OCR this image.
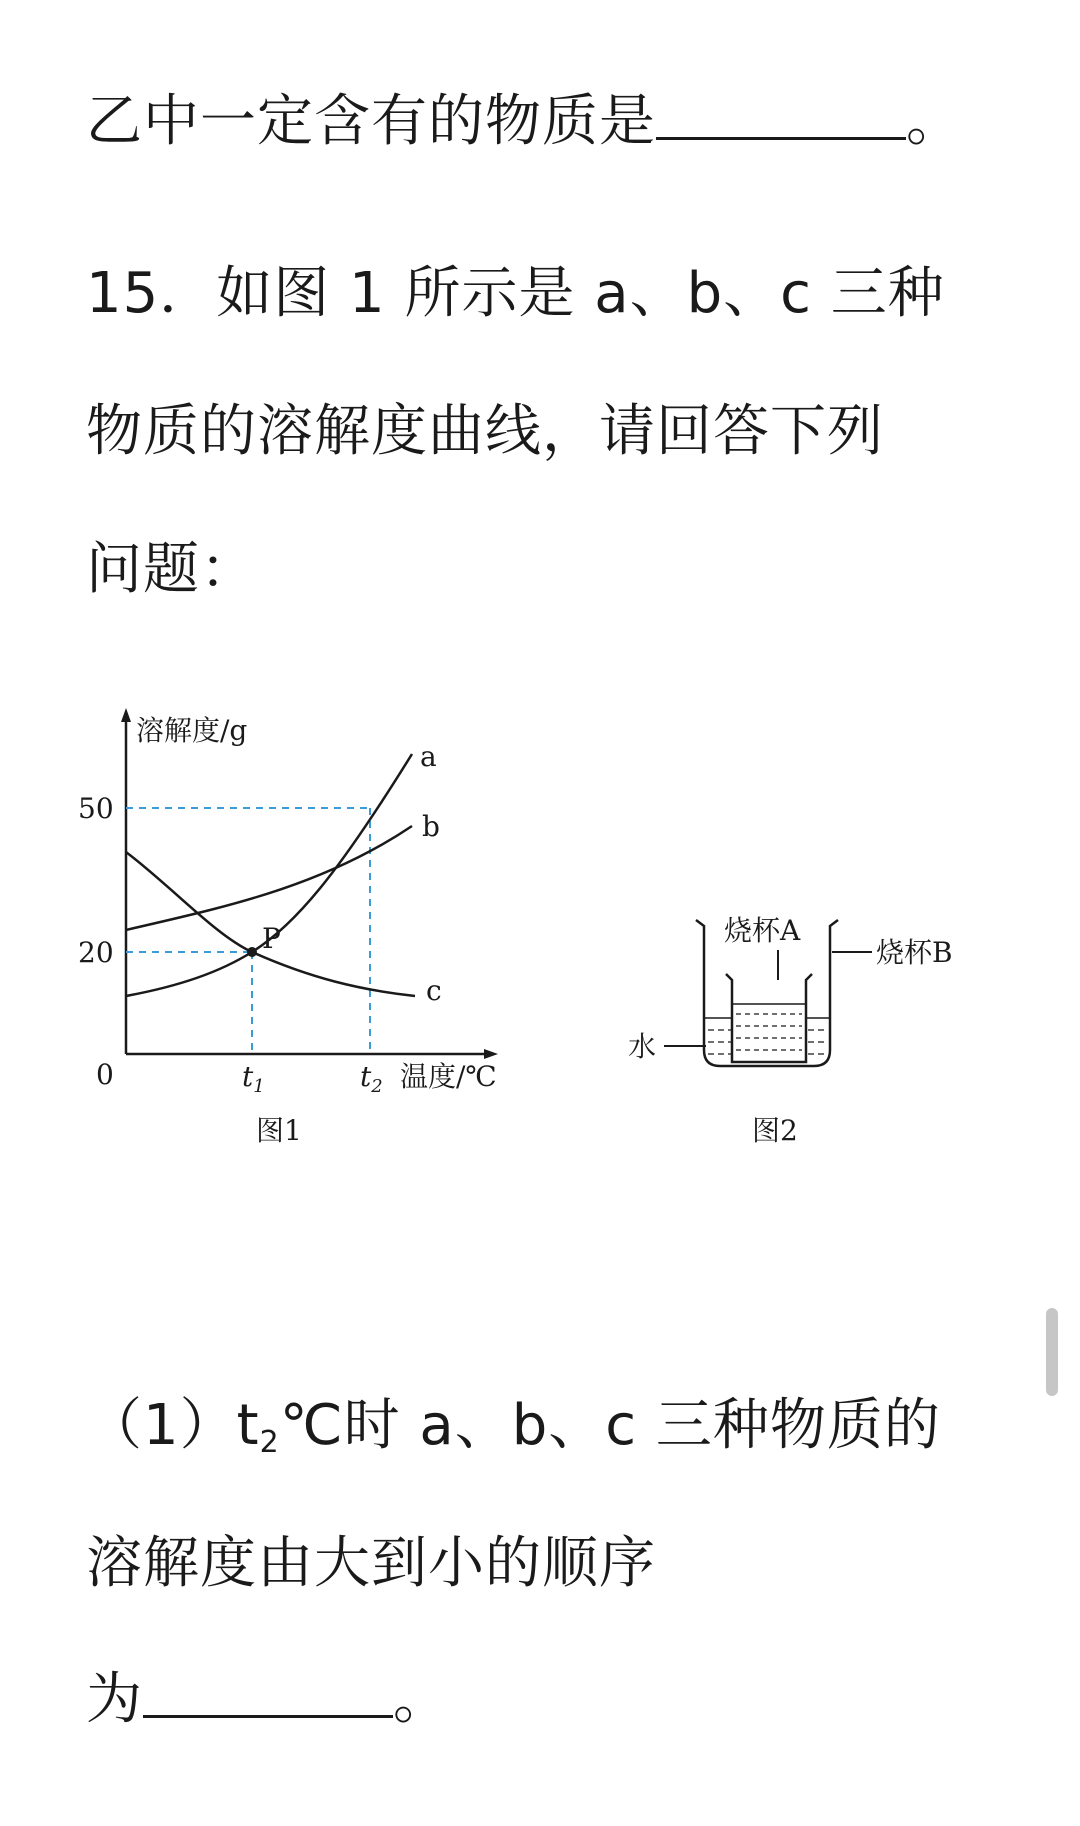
乙中一定含有的物质是	。
15．如图 1 所示是 a、b、c 三种
物质的溶解度曲线，请回答下列
问题：
溶解度/g
a
b
c
P
50
20
0	$t_1$	$t_2$ 温度/℃
图1
烧杯A
烧杯B
水
图2
$(1)t_2℃$时 a、b、c 三种物质的
溶解度由大到小的顺序
为	。
